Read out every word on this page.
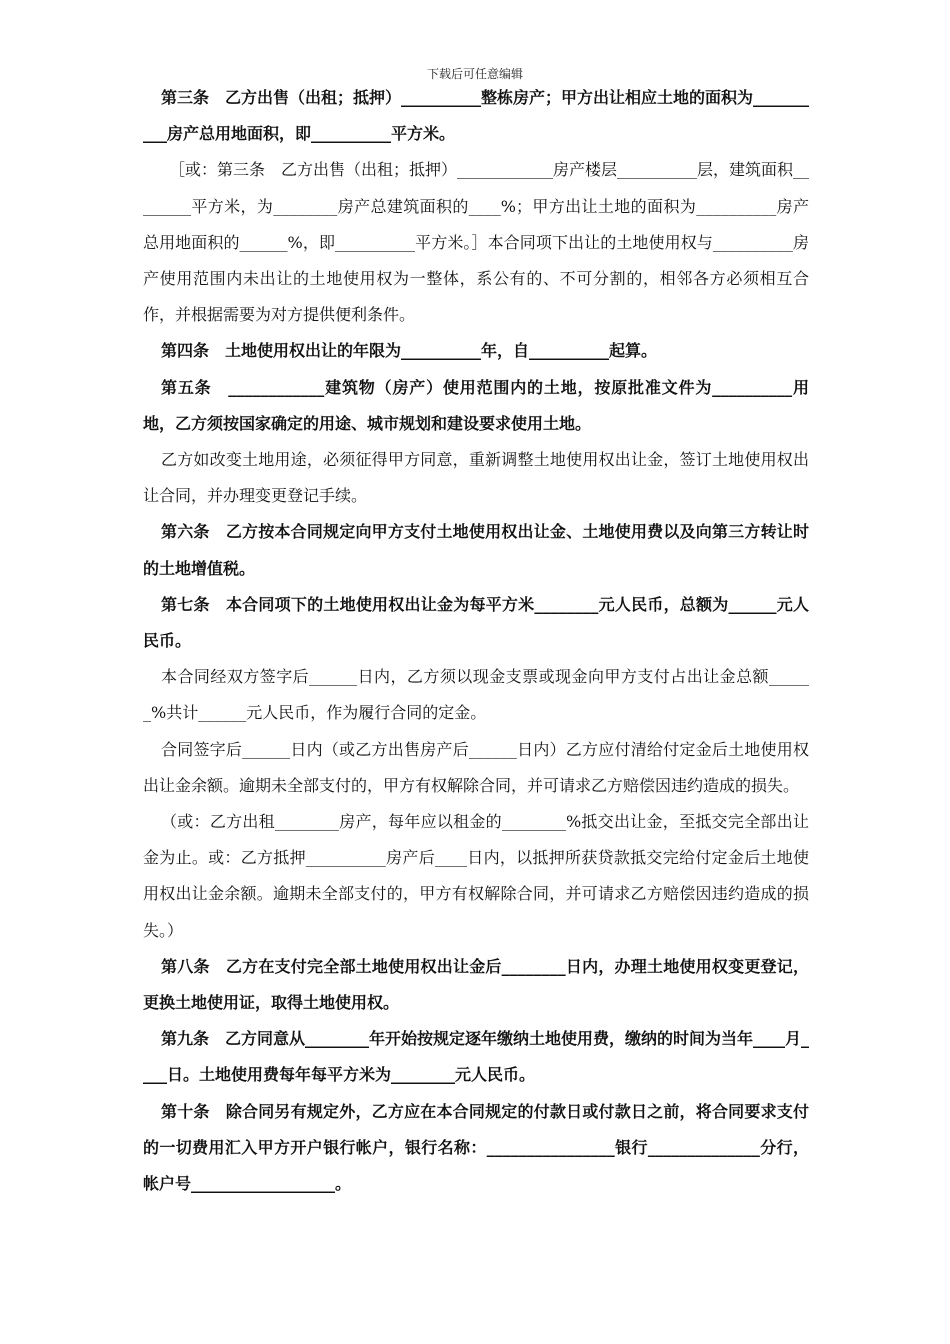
下载后可任意编辑

第三条　乙方出售（出租；抵押）__________整栋房产；甲方出让相应土地的面积为__________房产总用地面积，即__________平方米。

［或：第三条　乙方出售（出租；抵押）____________房产楼层__________层，建筑面积________平方米，为________房产总建筑面积的____%；甲方出让土地的面积为__________房产总用地面积的______%，即__________平方米。］本合同项下出让的土地使用权与__________房产使用范围内未出让的土地使用权为一整体，系公有的、不可分割的，相邻各方必须相互合作，并根据需要为对方提供便利条件。

第四条　土地使用权出让的年限为__________年，自__________起算。

第五条　____________建筑物（房产）使用范围内的土地，按原批准文件为__________用地，乙方须按国家确定的用途、城市规划和建设要求使用土地。

乙方如改变土地用途，必须征得甲方同意，重新调整土地使用权出让金，签订土地使用权出让合同，并办理变更登记手续。

第六条　乙方按本合同规定向甲方支付土地使用权出让金、土地使用费以及向第三方转让时的土地增值税。

第七条　本合同项下的土地使用权出让金为每平方米________元人民币，总额为______元人民币。

本合同经双方签字后______日内，乙方须以现金支票或现金向甲方支付占出让金总额______%共计______元人民币，作为履行合同的定金。

合同签字后______日内（或乙方出售房产后______日内）乙方应付清给付定金后土地使用权出让金余额。逾期未全部支付的，甲方有权解除合同，并可请求乙方赔偿因违约造成的损失。

（或：乙方出租________房产，每年应以租金的________%抵交出让金，至抵交完全部出让金为止。或：乙方抵押__________房产后____日内，以抵押所获贷款抵交完给付定金后土地使用权出让金余额。逾期未全部支付的，甲方有权解除合同，并可请求乙方赔偿因违约造成的损失。）

第八条　乙方在支付完全部土地使用权出让金后________日内，办理土地使用权变更登记，更换土地使用证，取得土地使用权。

第九条　乙方同意从________年开始按规定逐年缴纳土地使用费，缴纳的时间为当年____月____日。土地使用费每年每平方米为________元人民币。

第十条　除合同另有规定外，乙方应在本合同规定的付款日或付款日之前，将合同要求支付的一切费用汇入甲方开户银行帐户，银行名称：________________银行______________分行，帐户号__________________。
